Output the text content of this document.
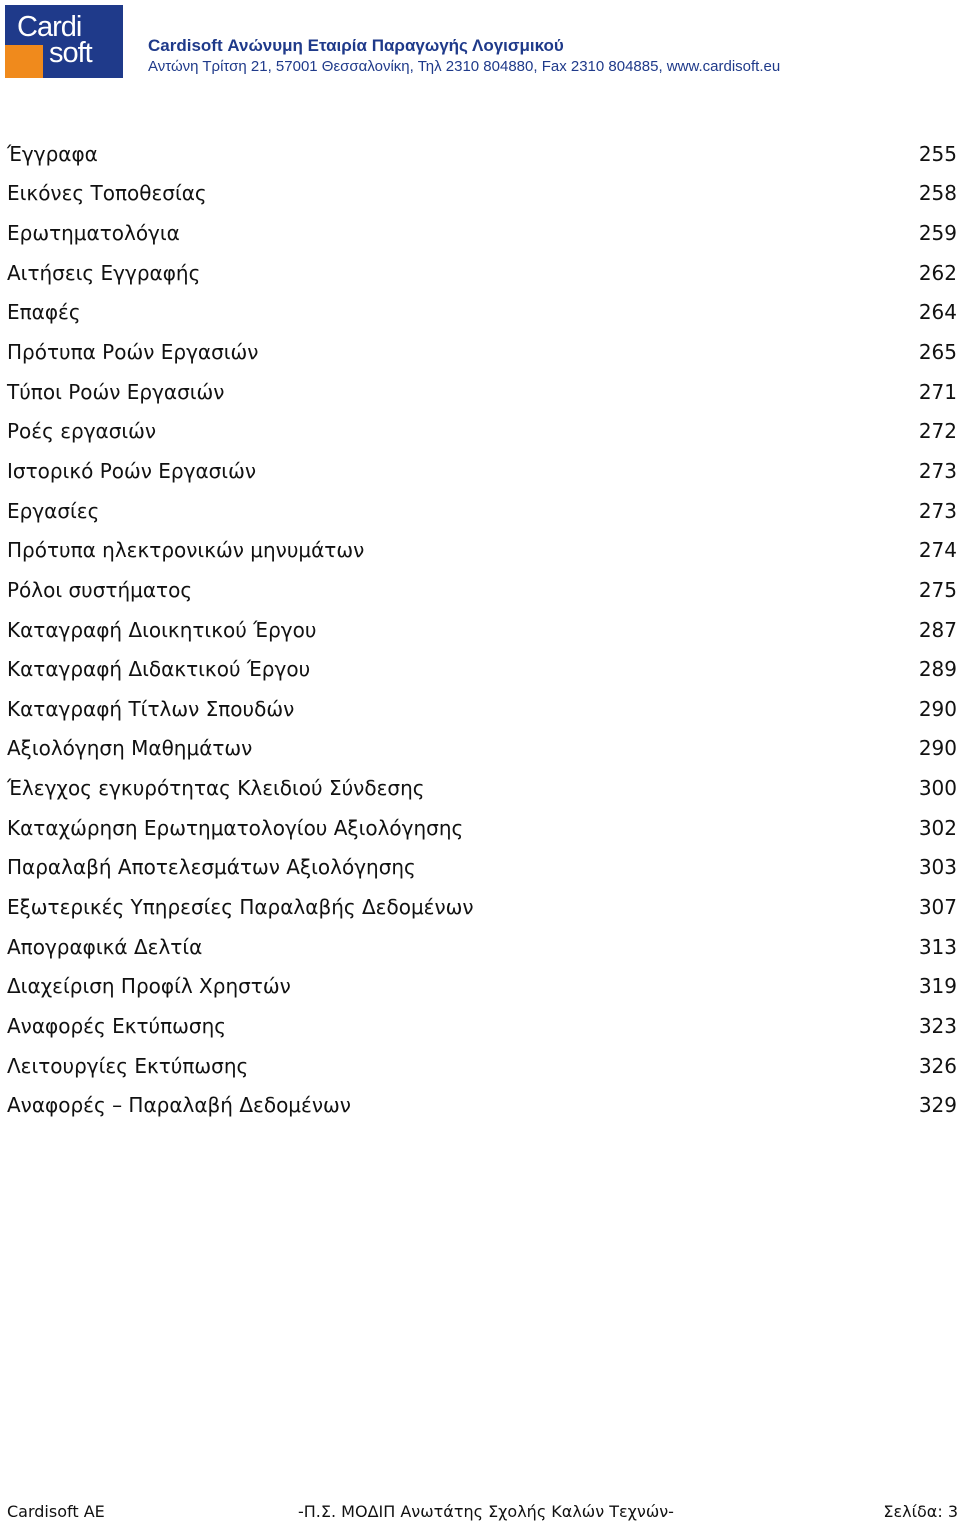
Cardi
soft	Cardisoft Ανώνυμη Εταιρία Παραγωγής Λογισμικού
Αντώνη Τρίτση 21, 57001 Θεσσαλονίκη, Τηλ 2310 804880, Fax 2310 804885, www.cardisoft.eu
Έγγραφα	255
Εικόνες Τοποθεσίας	258
Ερωτηματολόγια	259
Αιτήσεις Εγγραφής	262
Επαφές	264
Πρότυπα Ροών Εργασιών	265
Τύποι Ροών Εργασιών	271
Ροές εργασιών	272
Ιστορικό Ροών Εργασιών	273
Εργασίες	273
Πρότυπα ηλεκτρονικών μηνυμάτων	274
Ρόλοι συστήματος	275
Καταγραφή Διοικητικού Έργου	287
Καταγραφή Διδακτικού Έργου	289
Καταγραφή Τίτλων Σπουδών	290
Αξιολόγηση Μαθημάτων	290
Έλεγχος εγκυρότητας Κλειδιού Σύνδεσης	300
Καταχώρηση Ερωτηματολογίου Αξιολόγησης	302
Παραλαβή Αποτελεσμάτων Αξιολόγησης	303
Εξωτερικές Υπηρεσίες Παραλαβής Δεδομένων	307
Απογραφικά Δελτία	313
Διαχείριση Προφίλ Χρηστών	319
Αναφορές Εκτύπωσης	323
Λειτουργίες Εκτύπωσης	326
Αναφορές – Παραλαβή Δεδομένων	329
Cardisoft AE	-Π.Σ. ΜΟΔΙΠ Ανωτάτης Σχολής Καλών Τεχνών-	Σελίδα: 3
